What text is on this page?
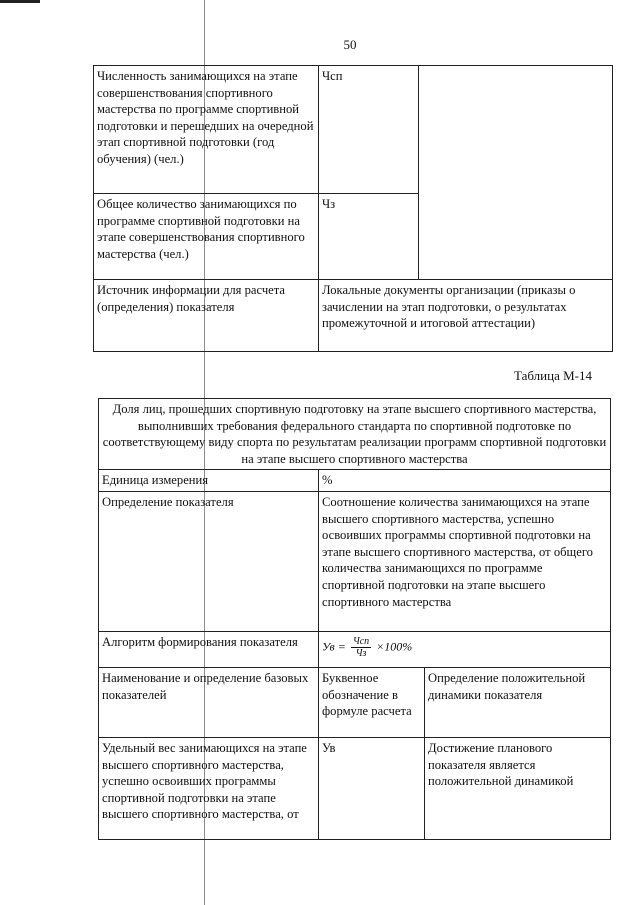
50
Численность занимающихся на этапе совершенствования спортивного мастерства по программе спортивной подготовки и перешедших на очередной этап спортивной подготовки (год обучения) (чел.)	Чсп	
Общее количество занимающихся по программе спортивной подготовки на этапе совершенствования спортивного мастерства (чел.)	Чз	
Источник информации для расчета (определения) показателя	Локальные документы организации (приказы о зачислении на этап подготовки, о результатах промежуточной и итоговой аттестации)	
Таблица М-14
Доля лиц, прошедших спортивную подготовку на этапе высшего спортивного мастерства, выполнивших требования федерального стандарта по спортивной подготовке по соответствующему виду спорта по результатам реализации программ спортивной подготовки на этапе высшего спортивного мастерства		
Единица измерения	%	
Определение показателя	Соотношение количества занимающихся на этапе высшего спортивного мастерства, успешно освоивших программы спортивной подготовки на этапе высшего спортивного мастерства, от общего количества занимающихся по программе спортивной подготовки на этапе высшего спортивного мастерства	
Алгоритм формирования показателя	Ув = $\frac{\text{Чсп}}{Чз} \times 100\%$	
Наименование и определение базовых показателей	Буквенное обозначение в формуле расчета	Определение положительной динамики показателя
Удельный вес занимающихся на этапе высшего спортивного мастерства, успешно освоивших программы спортивной подготовки на этапе высшего спортивного мастерства, от	Ув	Достижение планового показателя является положительной динамикой
